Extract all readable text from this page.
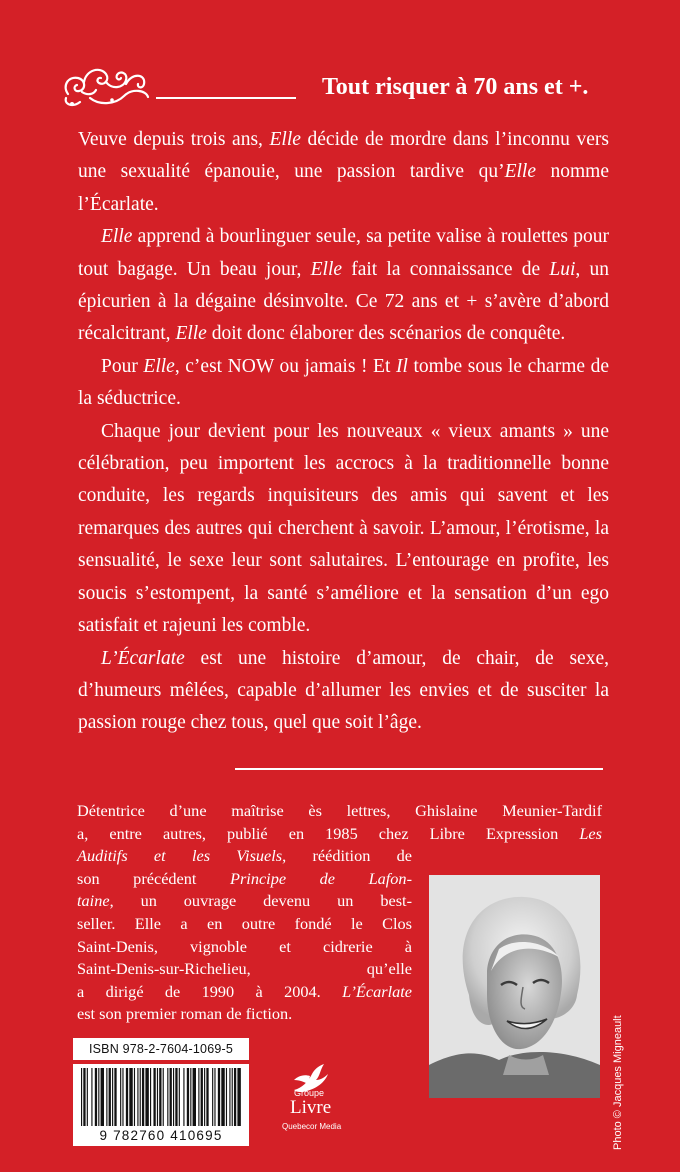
Tout risquer à 70 ans et +.

Veuve depuis trois ans, Elle décide de mordre dans l’inconnu vers une sexualité épanouie, une passion tardive qu’Elle nomme l’Écarlate.

Elle apprend à bourlinguer seule, sa petite valise à roulettes pour tout bagage. Un beau jour, Elle fait la connaissance de Lui, un épicurien à la dégaine désinvolte. Ce 72 ans et + s’avère d’abord récalcitrant, Elle doit donc élaborer des scénarios de conquête.

Pour Elle, c’est NOW ou jamais ! Et Il tombe sous le charme de la séductrice.

Chaque jour devient pour les nouveaux « vieux amants » une célébration, peu importent les accrocs à la traditionnelle bonne conduite, les regards inquisiteurs des amis qui savent et les remarques des autres qui cherchent à savoir. L’amour, l’érotisme, la sensualité, le sexe leur sont salutaires. L’entourage en profite, les soucis s’estompent, la santé s’améliore et la sensation d’un ego satisfait et rajeuni les comble.

L’Écarlate est une histoire d’amour, de chair, de sexe, d’humeurs mêlées, capable d’allumer les envies et de susciter la passion rouge chez tous, quel que soit l’âge.

Détentrice d’une maîtrise ès lettres, Ghislaine Meunier-Tardif
a, entre autres, publié en 1985 chez Libre Expression Les
Auditifs et les Visuels, réédition de
son précédent Principe de Lafon-
taine, un ouvrage devenu un best-
seller. Elle a en outre fondé le Clos
Saint-Denis, vignoble et cidrerie à
Saint-Denis-sur-Richelieu, qu’elle
a dirigé de 1990 à 2004. L’Écarlate
est son premier roman de fiction.
Photo © Jacques Migneault
ISBN 978-2-7604-1069-5
9 782760 410695
Groupe
Livre
Quebecor Media
